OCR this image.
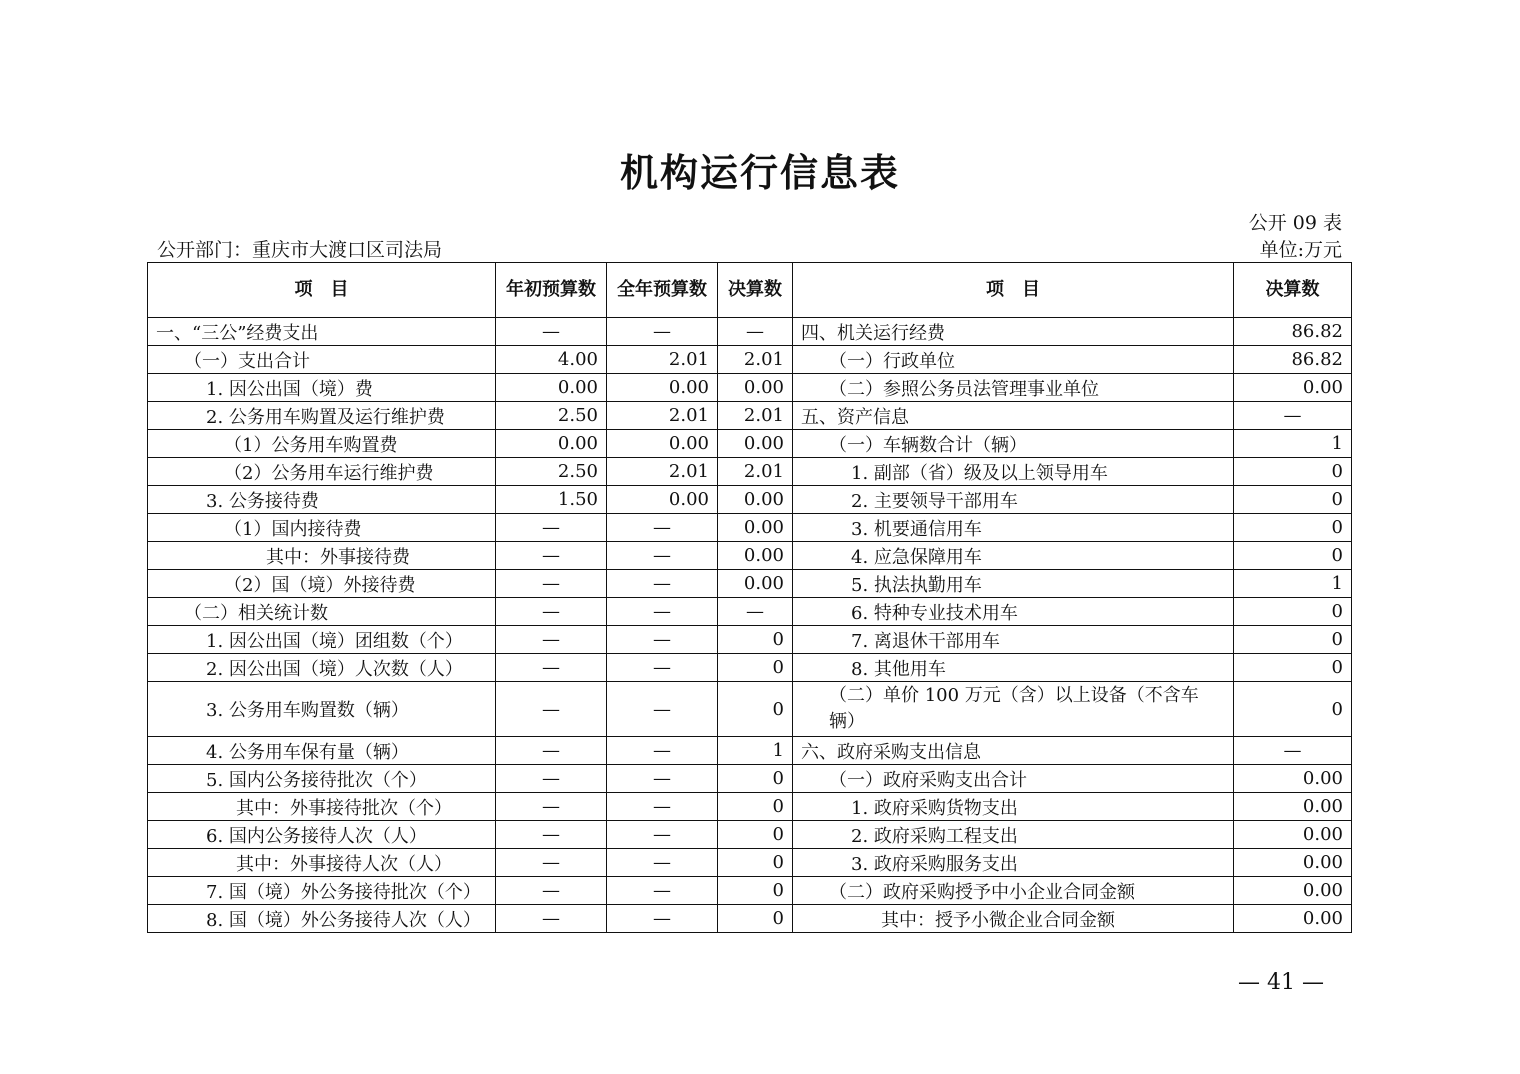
机构运行信息表
公开 09 表
公开部门：重庆市大渡口区司法局	单位:万元
项　目	年初预算数	全年预算数	决算数	项　目	决算数
一、“三公”经费支出	—	—	—	四、机关运行经费	86.82
（一）支出合计	4.00	2.01	2.01	（一）行政单位	86.82
1. 因公出国（境）费	0.00	0.00	0.00	（二）参照公务员法管理事业单位	0.00
2. 公务用车购置及运行维护费	2.50	2.01	2.01	五、资产信息	—
（1）公务用车购置费	0.00	0.00	0.00	（一）车辆数合计（辆）	1
（2）公务用车运行维护费	2.50	2.01	2.01	1. 副部（省）级及以上领导用车	0
3. 公务接待费	1.50	0.00	0.00	2. 主要领导干部用车	0
（1）国内接待费	—	—	0.00	3. 机要通信用车	0
其中：外事接待费	—	—	0.00	4. 应急保障用车	0
（2）国（境）外接待费	—	—	0.00	5. 执法执勤用车	1
（二）相关统计数	—	—	—	6. 特种专业技术用车	0
1. 因公出国（境）团组数（个）	—	—	0	7. 离退休干部用车	0
2. 因公出国（境）人次数（人）	—	—	0	8. 其他用车	0
3. 公务用车购置数（辆）	—	—	0	（二）单价 100 万元（含）以上设备（不含车辆）	0
4. 公务用车保有量（辆）	—	—	1	六、政府采购支出信息	—
5. 国内公务接待批次（个）	—	—	0	（一）政府采购支出合计	0.00
其中：外事接待批次（个）	—	—	0	1. 政府采购货物支出	0.00
6. 国内公务接待人次（人）	—	—	0	2. 政府采购工程支出	0.00
其中：外事接待人次（人）	—	—	0	3. 政府采购服务支出	0.00
7. 国（境）外公务接待批次（个）	—	—	0	（二）政府采购授予中小企业合同金额	0.00
8. 国（境）外公务接待人次（人）	—	—	0	其中：授予小微企业合同金额	0.00
— 41 —
